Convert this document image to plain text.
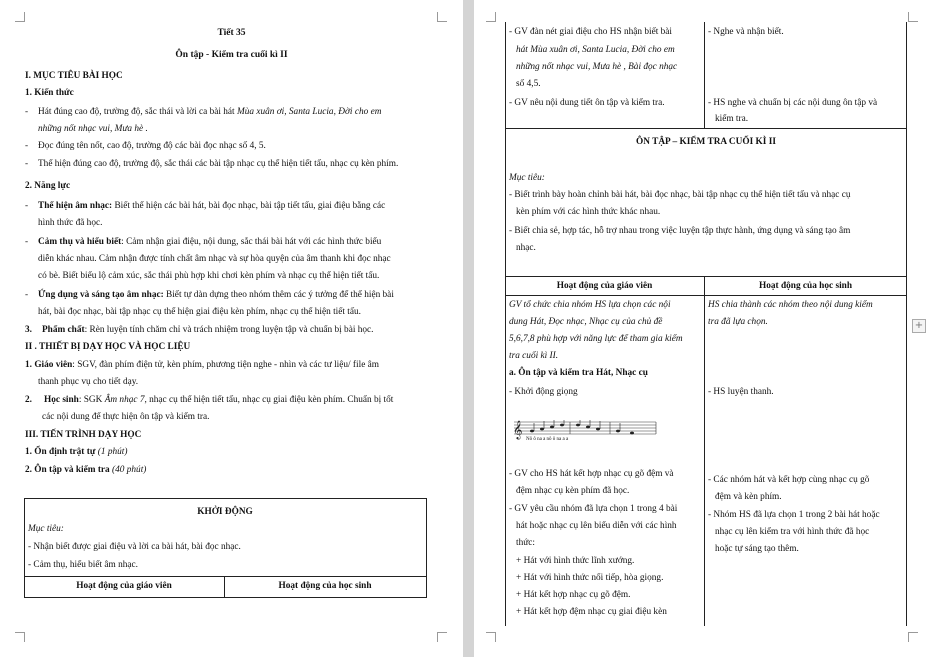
Tiết 35
Ôn tập - Kiểm tra cuối kì II
I. MỤC TIÊU BÀI HỌC
1. Kiến thức
- Hát đúng cao độ, trường độ, sắc thái và lời ca bài hát Mùa xuân ơi, Santa Lucia, Đời cho em
những nốt nhạc vui, Mưa hè .
- Đọc đúng tên nốt, cao độ, trường độ các bài đọc nhạc số 4, 5.
- Thể hiện đúng cao độ, trường độ, sắc thái các bài tập nhạc cụ thể hiện tiết tấu, nhạc cụ kèn phím.
2. Năng lực
- Thể hiện âm nhạc: Biết thể hiện các bài hát, bài đọc nhạc, bài tập tiết tấu, giai điệu bằng các
hình thức đã học.
- Cảm thụ và hiểu biết: Cảm nhận giai điệu, nội dung, sắc thái bài hát với các hình thức biểu
diễn khác nhau. Cảm nhận được tính chất âm nhạc và sự hòa quyện của âm thanh khi đọc nhạc
có bè. Biết biểu lộ cảm xúc, sắc thái phù hợp khi chơi kèn phím và nhạc cụ thể hiện tiết tấu.
- Ứng dụng và sáng tạo âm nhạc: Biết tự dàn dựng theo nhóm thêm các ý tưởng để thể hiện bài
hát, bài đọc nhạc, bài tập nhạc cụ thể hiện giai điệu kèn phím, nhạc cụ thể hiện tiết tấu.
3. Phẩm chất: Rèn luyện tính chăm chỉ và trách nhiệm trong luyện tập và chuẩn bị bài học.
II . THIẾT BỊ DẠY HỌC VÀ HỌC LIỆU
1. Giáo viên: SGV, đàn phím điện tử, kèn phím, phương tiện nghe - nhìn và các tư liệu/ file âm
thanh phục vụ cho tiết dạy.
2. Học sinh: SGK Âm nhạc 7, nhạc cụ thể hiện tiết tấu, nhạc cụ giai điệu kèn phím. Chuẩn bị tốt
các nội dung để thực hiện ôn tập và kiểm tra.
III. TIẾN TRÌNH DẠY HỌC
1. Ổn định trật tự (1 phút)
2. Ôn tập và kiểm tra (40 phút)
KHỞI ĐỘNG
Mục tiêu:
- Nhận biết được giai điệu và lời ca bài hát, bài đọc nhạc.
- Cảm thụ, hiểu biết âm nhạc.
Hoạt động của giáo viên	Hoạt động của học sinh
- GV đàn nét giai điệu cho HS nhận biết bài
hát Mùa xuân ơi, Santa Lucia, Đời cho em
những nốt nhạc vui, Mưa hè , Bài đọc nhạc
số 4,5.
- GV nêu nội dung tiết ôn tập và kiểm tra.
- Nghe và nhận biết.
- HS nghe và chuẩn bị các nội dung ôn tập và
kiểm tra.
ÔN TẬP – KIỂM TRA CUỐI KÌ II
Mục tiêu:
- Biết trình bày hoàn chỉnh bài hát, bài đọc nhạc, bài tập nhạc cụ thể hiện tiết tấu và nhạc cụ
kèn phím với các hình thức khác nhau.
- Biết chia sẻ, hợp tác, hỗ trợ nhau trong việc luyện tập thực hành, ứng dụng và sáng tạo âm
nhạc.
Hoạt động của giáo viên	Hoạt động của học sinh
GV tổ chức chia nhóm HS lựa chọn các nội
dung Hát, Đọc nhạc, Nhạc cụ của chủ đề
5,6,7,8 phù hợp với năng lực để tham gia kiểm
tra cuối kì II.
a. Ôn tập và kiểm tra Hát, Nhạc cụ
- Khởi động giọng
𝄞
Nô ô na a nô ô na a a
- GV cho HS hát kết hợp nhạc cụ gõ đệm và
đệm nhạc cụ kèn phím đã học.
- GV yêu cầu nhóm đã lựa chọn 1 trong 4 bài
hát hoặc nhạc cụ lên biểu diễn với các hình
thức:
+ Hát với hình thức lĩnh xướng.
+ Hát với hình thức nối tiếp, hòa giọng.
+ Hát kết hợp nhạc cụ gõ đệm.
+ Hát kết hợp đệm nhạc cụ giai điệu kèn
HS chia thành các nhóm theo nội dung kiểm
tra đã lựa chọn.
- HS luyện thanh.
- Các nhóm hát và kết hợp cùng nhạc cụ gõ
đệm và kèn phím.
- Nhóm HS đã lựa chọn 1 trong 2 bài hát hoặc
nhạc cụ lên kiểm tra với hình thức đã học
hoặc tự sáng tạo thêm.
+
